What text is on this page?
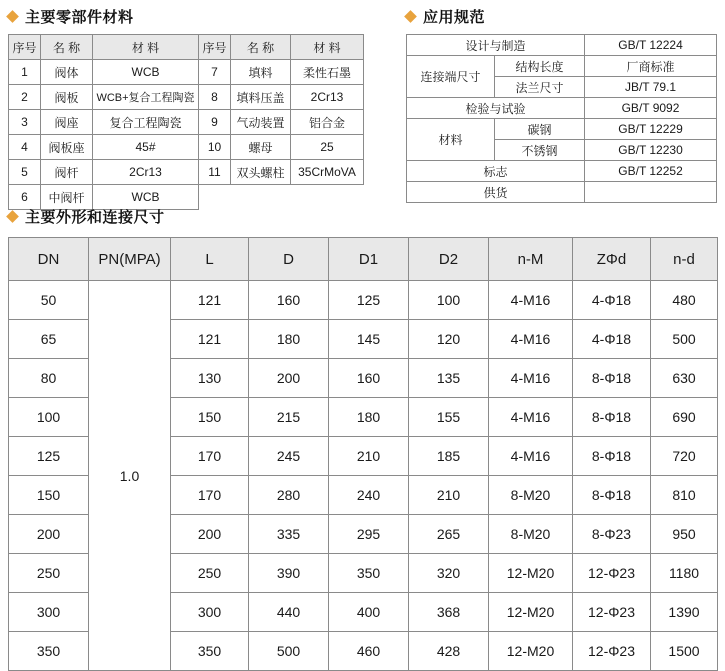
主要零部件材料
序号	名 称	材 料	序号	名 称	材 料
1	阀体	WCB	7	填料	柔性石墨
2	阀板	WCB+复合工程陶瓷	8	填料压盖	2Cr13
3	阀座	复合工程陶瓷	9	气动装置	铝合金
4	阀板座	45#	10	螺母	25
5	阀杆	2Cr13	11	双头螺柱	35CrMoVA
6	中阀杆	WCB			
应用规范
设计与制造		GB/T 12224
连接端尺寸	结构长度	厂商标准
	法兰尺寸	JB/T 79.1
检验与试验		GB/T 9092
材料	碳钢	GB/T 12229
	不锈钢	GB/T 12230
标志		GB/T 12252
供货		
主要外形和连接尺寸
DN	PN(MPA)	L	D	D1	D2	n-M	ZΦd	n-d
50	1.0	121	160	125	100	4-M16	4-Φ18	480
65		121	180	145	120	4-M16	4-Φ18	500
80		130	200	160	135	4-M16	8-Φ18	630
100		150	215	180	155	4-M16	8-Φ18	690
125		170	245	210	185	4-M16	8-Φ18	720
150		170	280	240	210	8-M20	8-Φ18	810
200		200	335	295	265	8-M20	8-Φ23	950
250		250	390	350	320	12-M20	12-Φ23	1180
300		300	440	400	368	12-M20	12-Φ23	1390
350		350	500	460	428	12-M20	12-Φ23	1500
